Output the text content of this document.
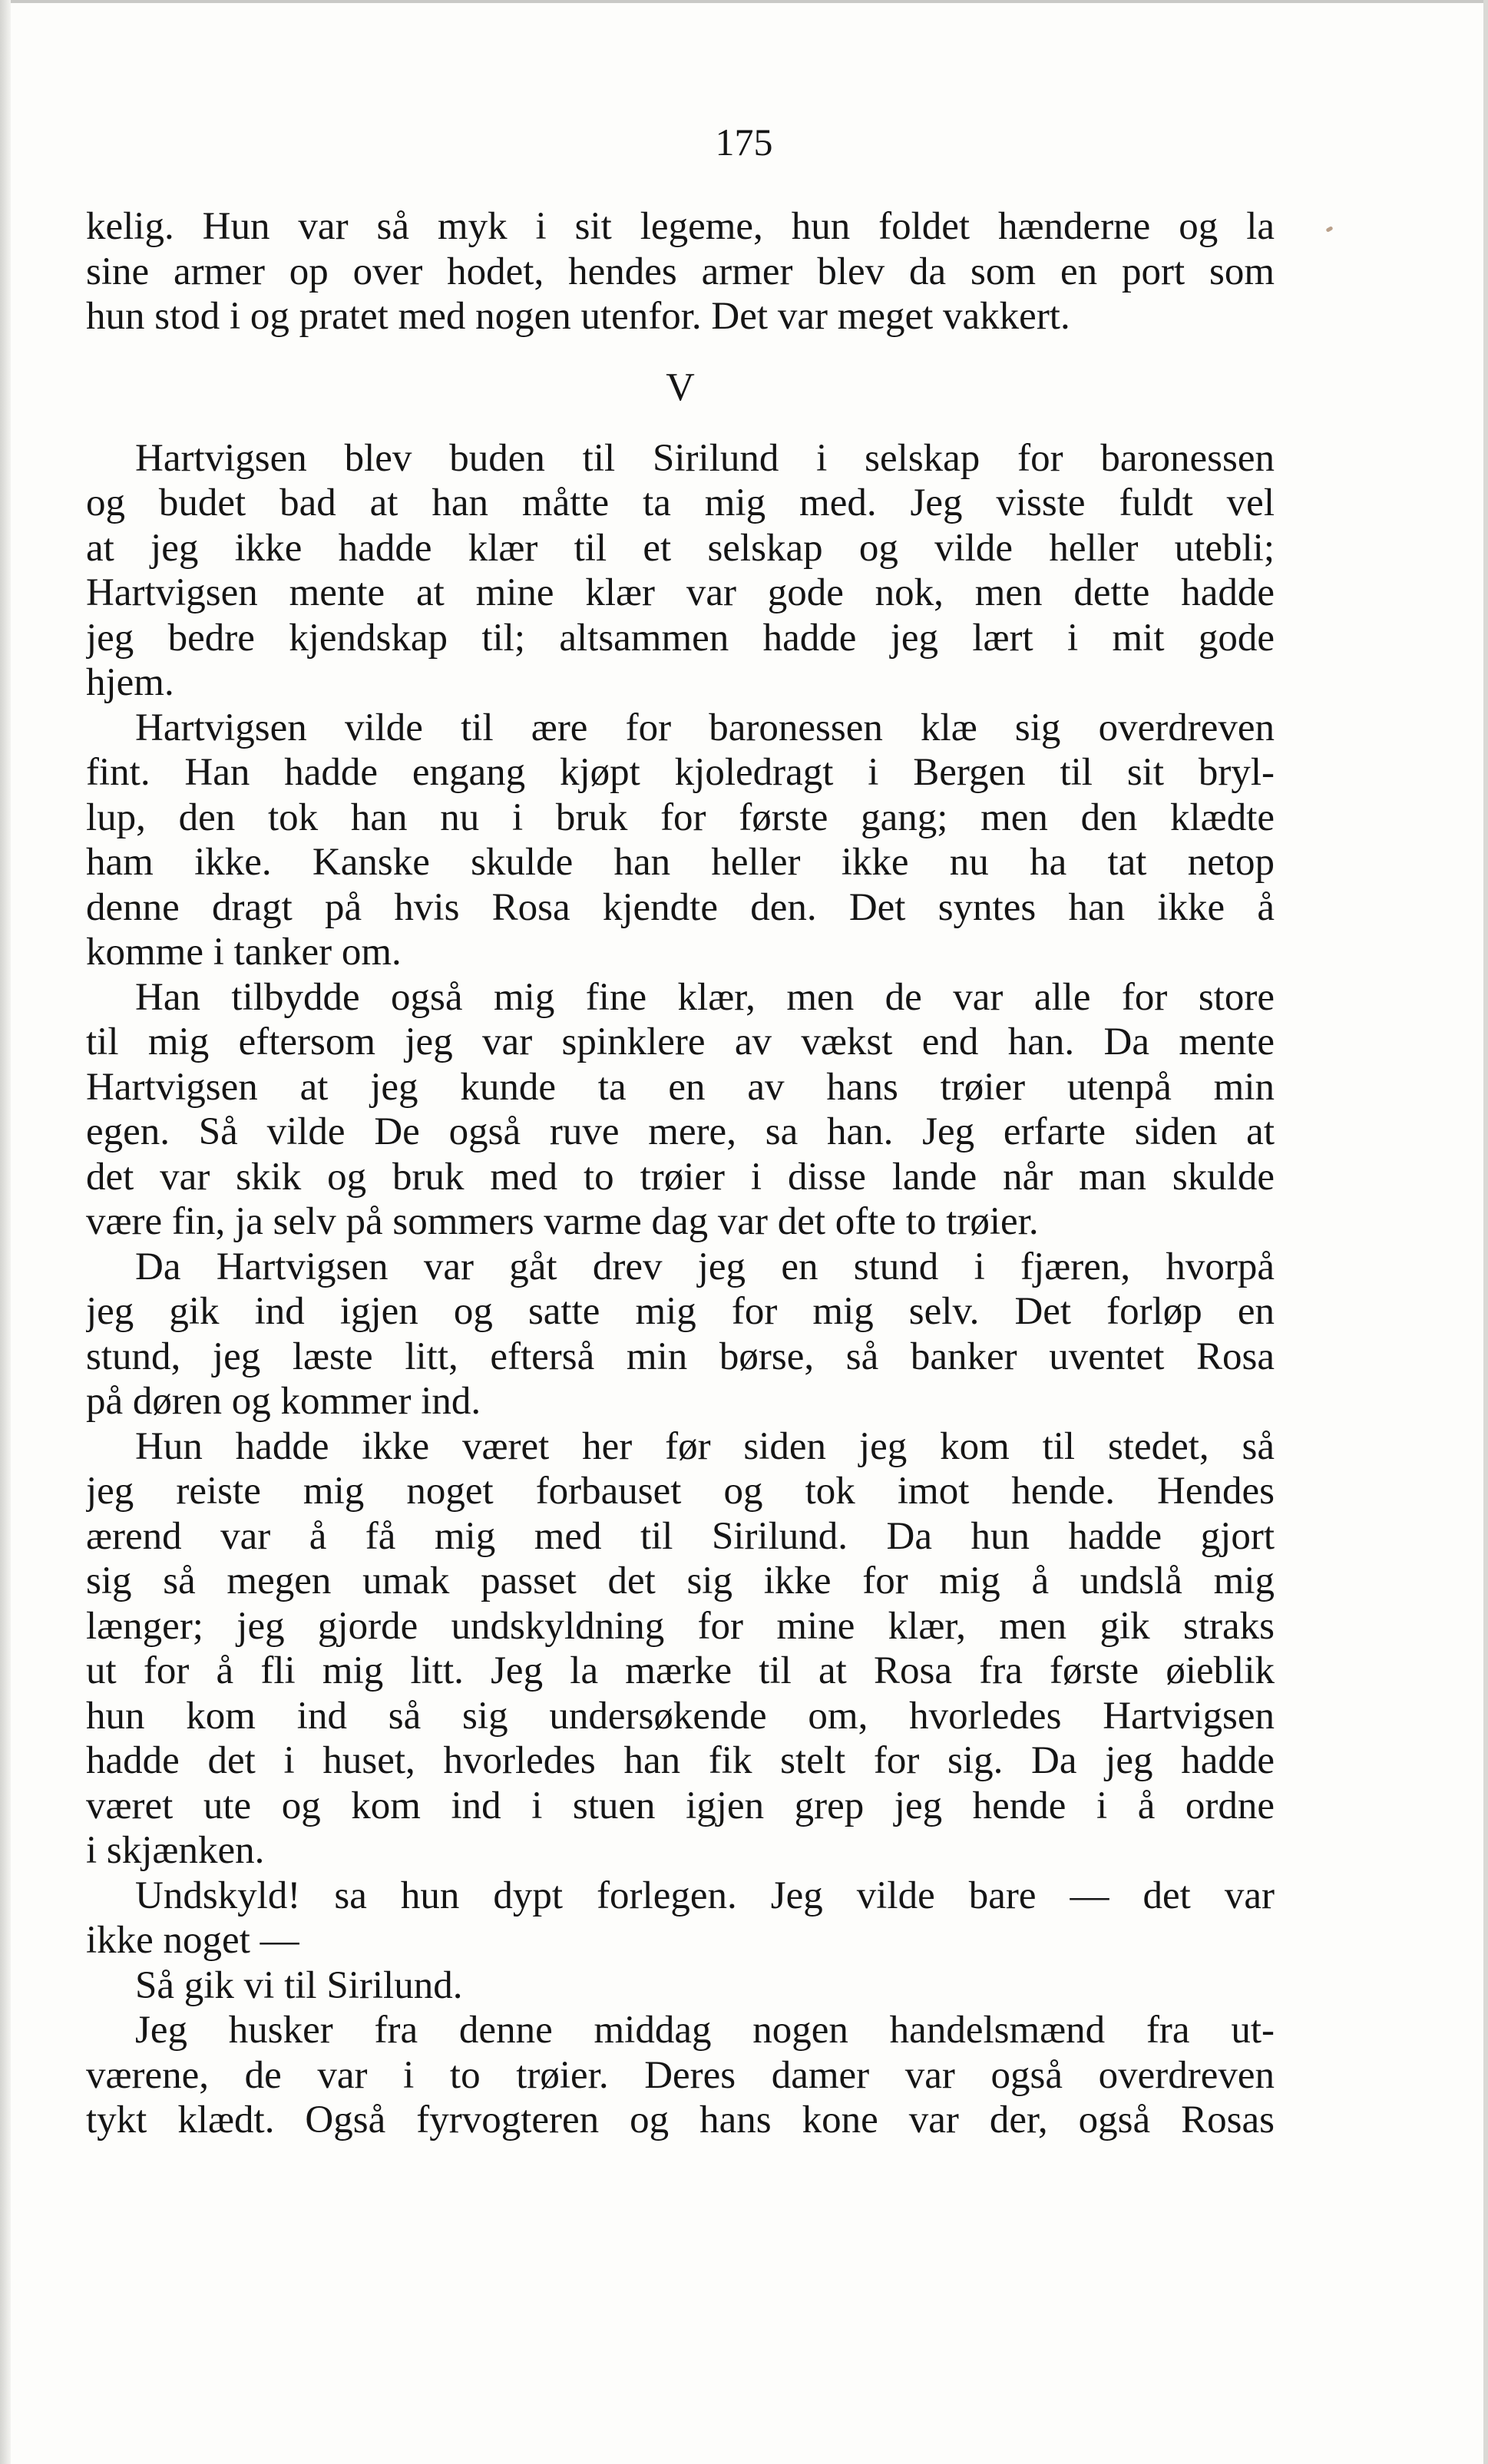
175
kelig. Hun var så myk i sit legeme, hun foldet hænderne og la
sine armer op over hodet, hendes armer blev da som en port som
hun stod i og pratet med nogen utenfor. Det var meget vakkert.
V
Hartvigsen blev buden til Sirilund i selskap for baronessen
og budet bad at han måtte ta mig med. Jeg visste fuldt vel
at jeg ikke hadde klær til et selskap og vilde heller utebli;
Hartvigsen mente at mine klær var gode nok, men dette hadde
jeg bedre kjendskap til; altsammen hadde jeg lært i mit gode
hjem.
Hartvigsen vilde til ære for baronessen klæ sig overdreven
fint. Han hadde engang kjøpt kjoledragt i Bergen til sit bryl-
lup, den tok han nu i bruk for første gang; men den klædte
ham ikke. Kanske skulde han heller ikke nu ha tat netop
denne dragt på hvis Rosa kjendte den. Det syntes han ikke å
komme i tanker om.
Han tilbydde også mig fine klær, men de var alle for store
til mig eftersom jeg var spinklere av vækst end han. Da mente
Hartvigsen at jeg kunde ta en av hans trøier utenpå min
egen. Så vilde De også ruve mere, sa han. Jeg erfarte siden at
det var skik og bruk med to trøier i disse lande når man skulde
være fin, ja selv på sommers varme dag var det ofte to trøier.
Da Hartvigsen var gåt drev jeg en stund i fjæren, hvorpå
jeg gik ind igjen og satte mig for mig selv. Det forløp en
stund, jeg læste litt, efterså min børse, så banker uventet Rosa
på døren og kommer ind.
Hun hadde ikke været her før siden jeg kom til stedet, så
jeg reiste mig noget forbauset og tok imot hende. Hendes
ærend var å få mig med til Sirilund. Da hun hadde gjort
sig så megen umak passet det sig ikke for mig å undslå mig
længer; jeg gjorde undskyldning for mine klær, men gik straks
ut for å fli mig litt. Jeg la mærke til at Rosa fra første øieblik
hun kom ind så sig undersøkende om, hvorledes Hartvigsen
hadde det i huset, hvorledes han fik stelt for sig. Da jeg hadde
været ute og kom ind i stuen igjen grep jeg hende i å ordne
i skjænken.
Undskyld! sa hun dypt forlegen. Jeg vilde bare — det var
ikke noget —
Så gik vi til Sirilund.
Jeg husker fra denne middag nogen handelsmænd fra ut-
værene, de var i to trøier. Deres damer var også overdreven
tykt klædt. Også fyrvogteren og hans kone var der, også Rosas
